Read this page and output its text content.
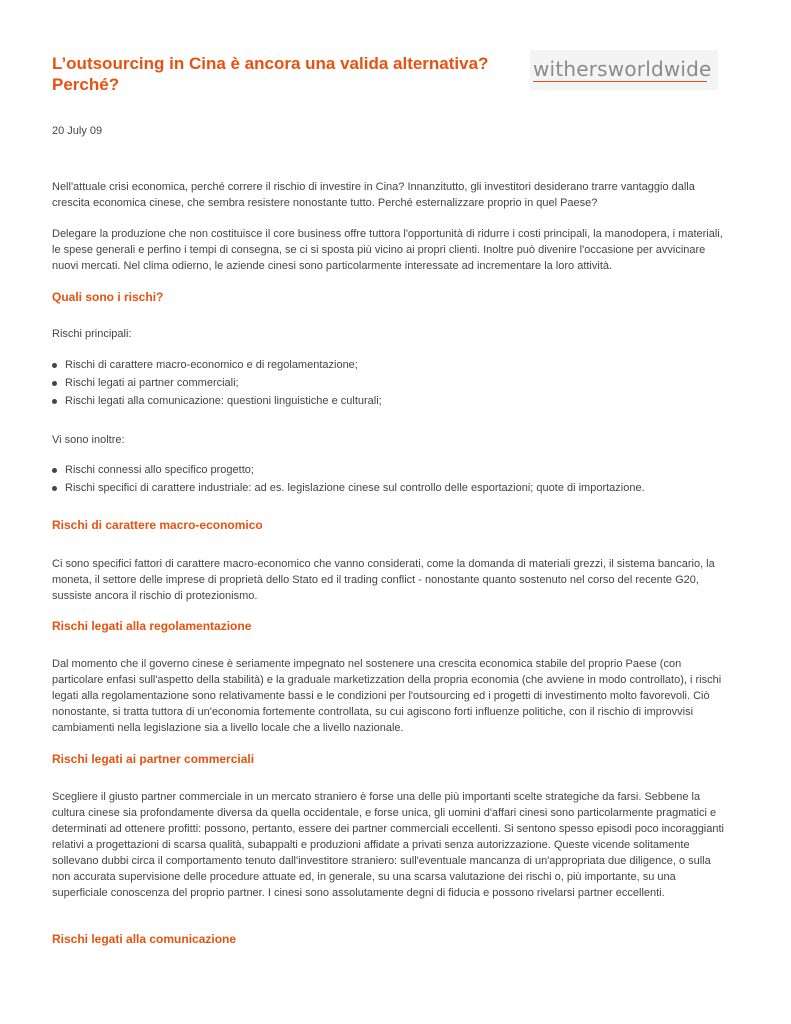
L’outsourcing in Cina è ancora una valida alternativa? Perché?
withersworldwide
20 July 09

Nell'attuale crisi economica, perché correre il rischio di investire in Cina? Innanzitutto, gli investitori desiderano trarre vantaggio dalla crescita economica cinese, che sembra resistere nonostante tutto. Perché esternalizzare proprio in quel Paese?

Delegare la produzione che non costituisce il core business offre tuttora l'opportunità di ridurre i costi principali, la manodopera, i materiali, le spese generali e perfino i tempi di consegna, se ci si sposta più vicino ai propri clienti. Inoltre può divenire l'occasione per avvicinare nuovi mercati. Nel clima odierno, le aziende cinesi sono particolarmente interessate ad incrementare la loro attività.

Quali sono i rischi?

Rischi principali:

Rischi di carattere macro-economico e di regolamentazione;
Rischi legati ai partner commerciali;
Rischi legati alla comunicazione: questioni linguistiche e culturali;

Vi sono inoltre:

Rischi connessi allo specifico progetto;
Rischi specifici di carattere industriale: ad es. legislazione cinese sul controllo delle esportazioni; quote di importazione.
Rischi di carattere macro-economico

Ci sono specifici fattori di carattere macro-economico che vanno considerati, come la domanda di materiali grezzi, il sistema bancario, la moneta, il settore delle imprese di proprietà dello Stato ed il trading conflict - nonostante quanto sostenuto nel corso del recente G20, sussiste ancora il rischio di protezionismo.

Rischi legati alla regolamentazione

Dal momento che il governo cinese è seriamente impegnato nel sostenere una crescita economica stabile del proprio Paese (con particolare enfasi sull'aspetto della stabilità) e la graduale marketizzation della propria economia (che avviene in modo controllato), i rischi legati alla regolamentazione sono relativamente bassi e le condizioni per l'outsourcing ed i progetti di investimento molto favorevoli. Ciò nonostante, si tratta tuttora di un'economia fortemente controllata, su cui agiscono forti influenze politiche, con il rischio di improvvisi cambiamenti nella legislazione sia a livello locale che a livello nazionale.

Rischi legati ai partner commerciali

Scegliere il giusto partner commerciale in un mercato straniero è forse una delle più importanti scelte strategiche da farsi. Sebbene la cultura cinese sia profondamente diversa da quella occidentale, e forse unica, gli uomini d'affari cinesi sono particolarmente pragmatici e determinati ad ottenere profitti: possono, pertanto, essere dei partner commerciali eccellenti. Si sentono spesso episodi poco incoraggianti relativi a progettazioni di scarsa qualità, subappalti e produzioni affidate a privati senza autorizzazione. Queste vicende solitamente sollevano dubbi circa il comportamento tenuto dall'investitore straniero: sull'eventuale mancanza di un'appropriata due diligence, o sulla non accurata supervisione delle procedure attuate ed, in generale, su una scarsa valutazione dei rischi o, più importante, su una superficiale conoscenza del proprio partner. I cinesi sono assolutamente degni di fiducia e possono rivelarsi partner eccellenti.

Rischi legati alla comunicazione
